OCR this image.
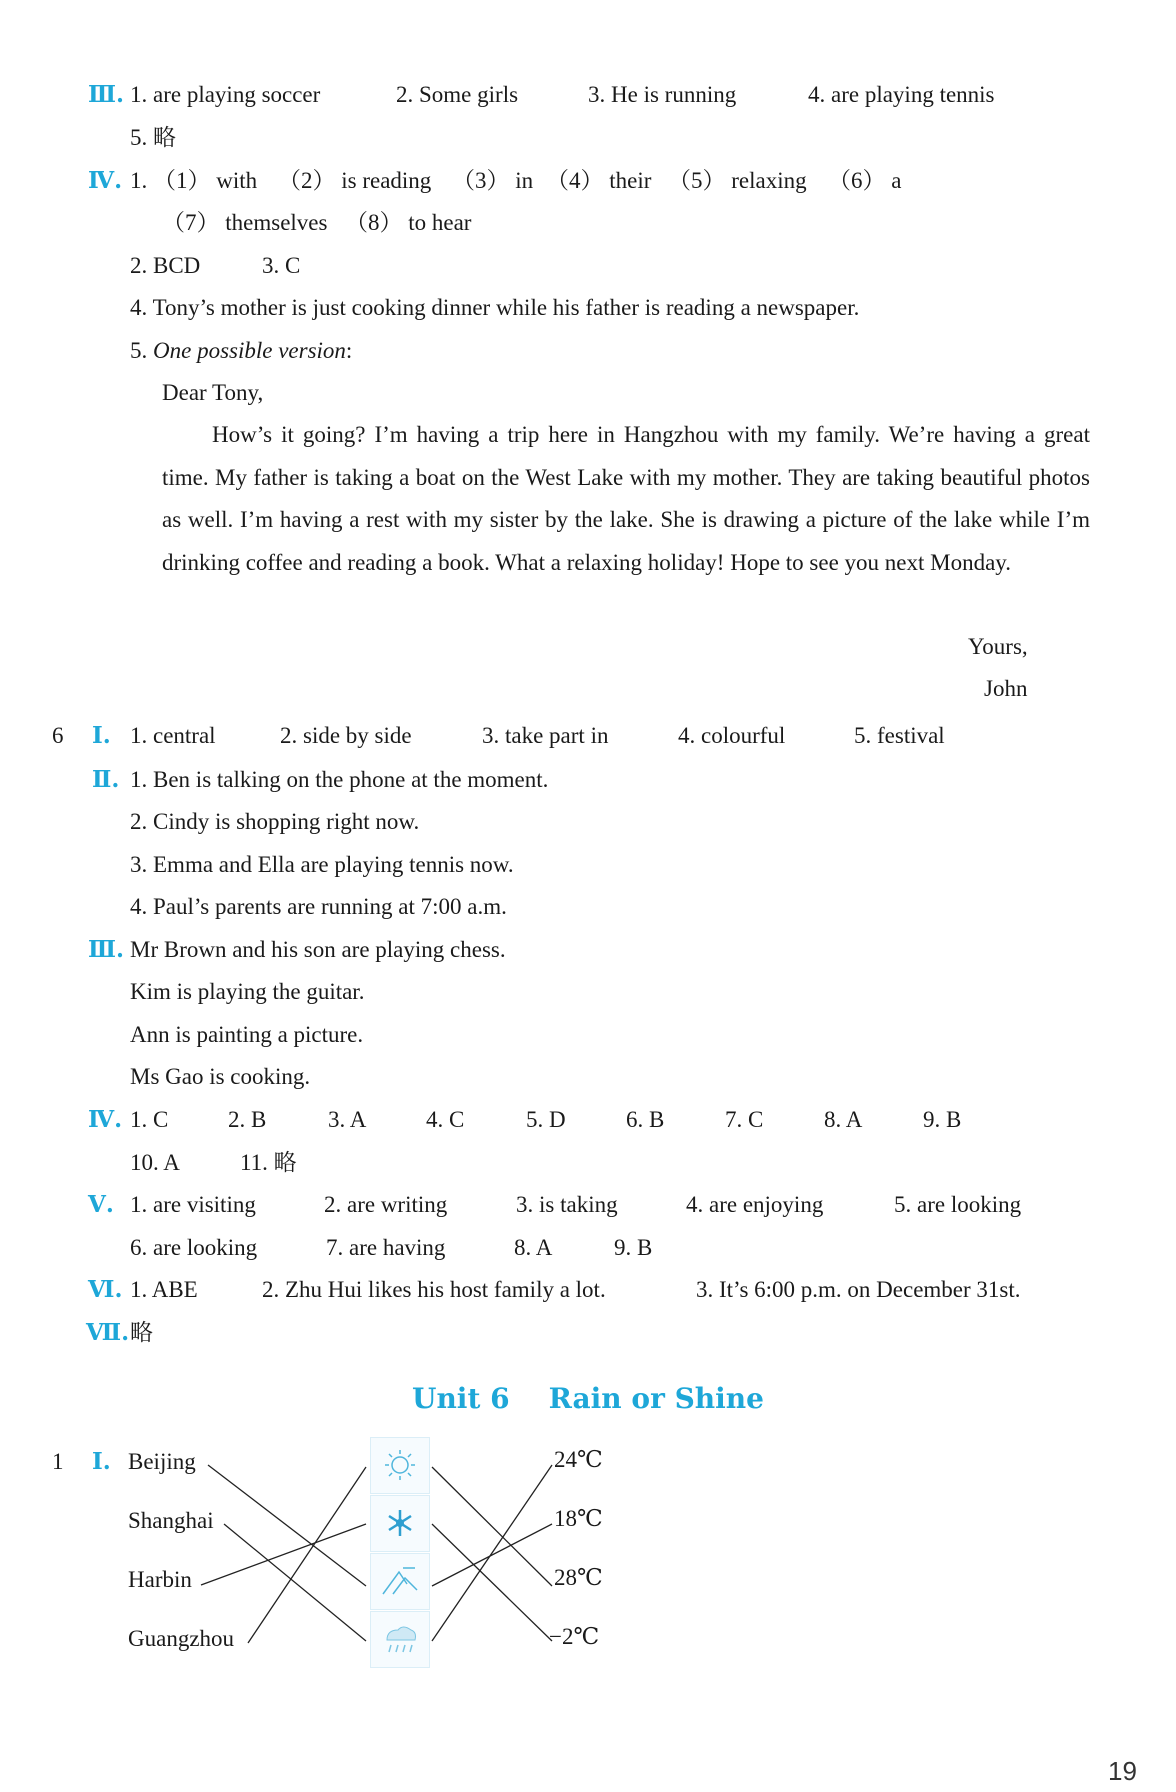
Ⅲ. 1. are playing soccer	2. Some girls	3. He is running	4. are playing tennis
5. 略
Ⅳ. 1. （1） with （2） is reading （3） in （4） their （5） relaxing （6） a
（7） themselves （8） to hear
2. BCD	3. C
4. Tony’s mother is just cooking dinner while his father is reading a newspaper.
5. One possible version:
Dear Tony,
How’s it going? I’m having a trip here in Hangzhou with my family. We’re having a great time. My father is taking a boat on the West Lake with my mother. They are taking beautiful photos as well. I’m having a rest with my sister by the lake. She is drawing a picture of the lake while I’m drinking coffee and reading a book. What a relaxing holiday! Hope to see you next Monday.
Yours,
John
6 Ⅰ. 1. central	2. side by side	3. take part in	4. colourful	5. festival
Ⅱ. 1. Ben is talking on the phone at the moment.
2. Cindy is shopping right now.
3. Emma and Ella are playing tennis now.
4. Paul’s parents are running at 7:00 a.m.
Ⅲ. Mr Brown and his son are playing chess.
Kim is playing the guitar.
Ann is painting a picture.
Ms Gao is cooking.
Ⅳ. 1. C	2. B	3. A	4. C	5. D	6. B	7. C	8. A	9. B
10. A	11. 略
Ⅴ. 1. are visiting	2. are writing	3. is taking	4. are enjoying	5. are looking
6. are looking	7. are having	8. A	9. B
Ⅵ. 1. ABE	2. Zhu Hui likes his host family a lot.	3. It’s 6:00 p.m. on December 31st.
Ⅶ. 略
Unit 6    Rain or Shine
1 Ⅰ. Beijing
Shanghai
Harbin
Guangzhou
24℃
18℃
28℃
−2℃
19
